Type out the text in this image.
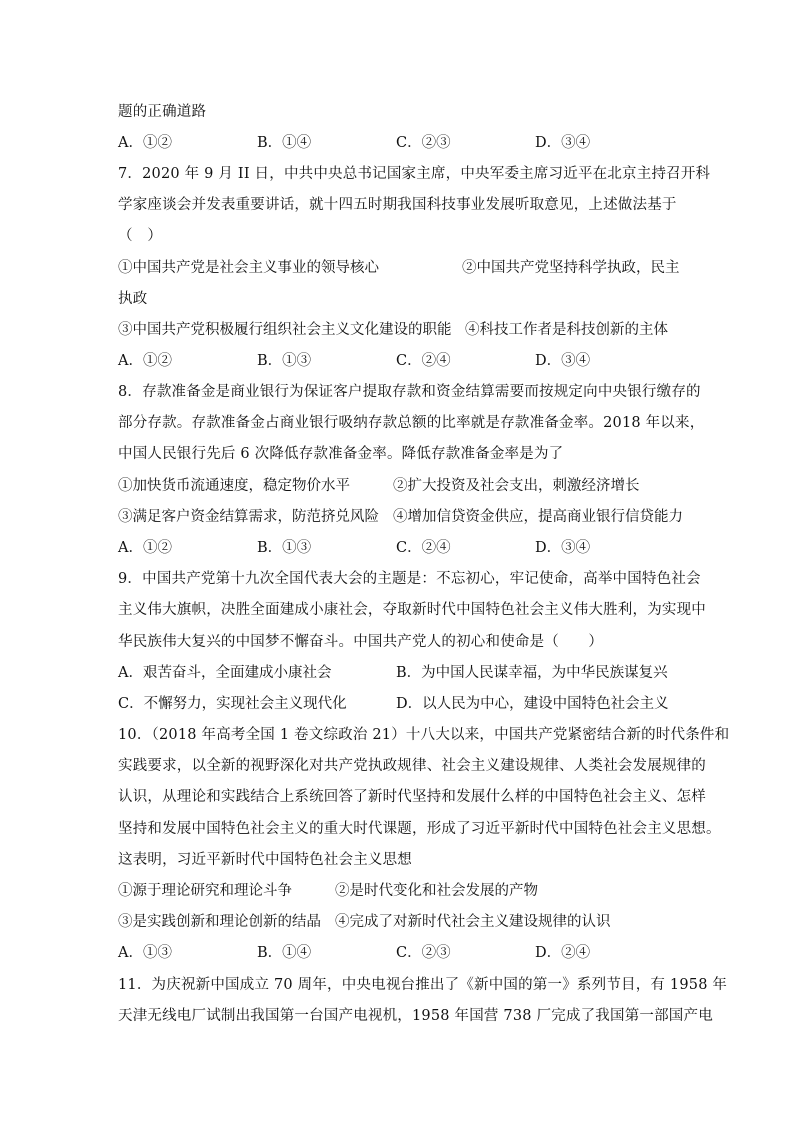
题的正确道路
A．①②	B．①④	C．②③	D．③④
7．2020 年 9 月 II 日，中共中央总书记国家主席，中央军委主席习近平在北京主持召开科
学家座谈会并发表重要讲话，就十四五时期我国科技事业发展听取意见，上述做法基于
（　）
①中国共产党是社会主义事业的领导核心	②中国共产党坚持科学执政，民主
执政
③中国共产党积极履行组织社会主义文化建设的职能 ④科技工作者是科技创新的主体
A．①②	B．①③	C．②④	D．③④
8．存款准备金是商业银行为保证客户提取存款和资金结算需要而按规定向中央银行缴存的
部分存款。存款准备金占商业银行吸纳存款总额的比率就是存款准备金率。2018 年以来，
中国人民银行先后 6 次降低存款准备金率。降低存款准备金率是为了
①加快货币流通速度，稳定物价水平	②扩大投资及社会支出，刺激经济增长
③满足客户资金结算需求，防范挤兑风险 ④增加信贷资金供应，提高商业银行信贷能力
A．①②	B．①③	C．②④	D．③④
9．中国共产党第十九次全国代表大会的主题是：不忘初心，牢记使命，高举中国特色社会
主义伟大旗帜，决胜全面建成小康社会，夺取新时代中国特色社会主义伟大胜利，为实现中
华民族伟大复兴的中国梦不懈奋斗。中国共产党人的初心和使命是（　　）
A．艰苦奋斗，全面建成小康社会	B．为中国人民谋幸福，为中华民族谋复兴
C．不懈努力，实现社会主义现代化	D．以人民为中心，建设中国特色社会主义
10．（2018 年高考全国 1 卷文综政治 21）十八大以来，中国共产党紧密结合新的时代条件和
实践要求，以全新的视野深化对共产党执政规律、社会主义建设规律、人类社会发展规律的
认识，从理论和实践结合上系统回答了新时代坚持和发展什么样的中国特色社会主义、怎样
坚持和发展中国特色社会主义的重大时代课题，形成了习近平新时代中国特色社会主义思想。
这表明，习近平新时代中国特色社会主义思想
①源于理论研究和理论斗争	②是时代变化和社会发展的产物
③是实践创新和理论创新的结晶 ④完成了对新时代社会主义建设规律的认识
A．①③	B．①④	C．②③	D．②④
11．为庆祝新中国成立 70 周年，中央电视台推出了《新中国的第一》系列节目，有 1958 年
天津无线电厂试制出我国第一台国产电视机，1958 年国营 738 厂完成了我国第一部国产电
